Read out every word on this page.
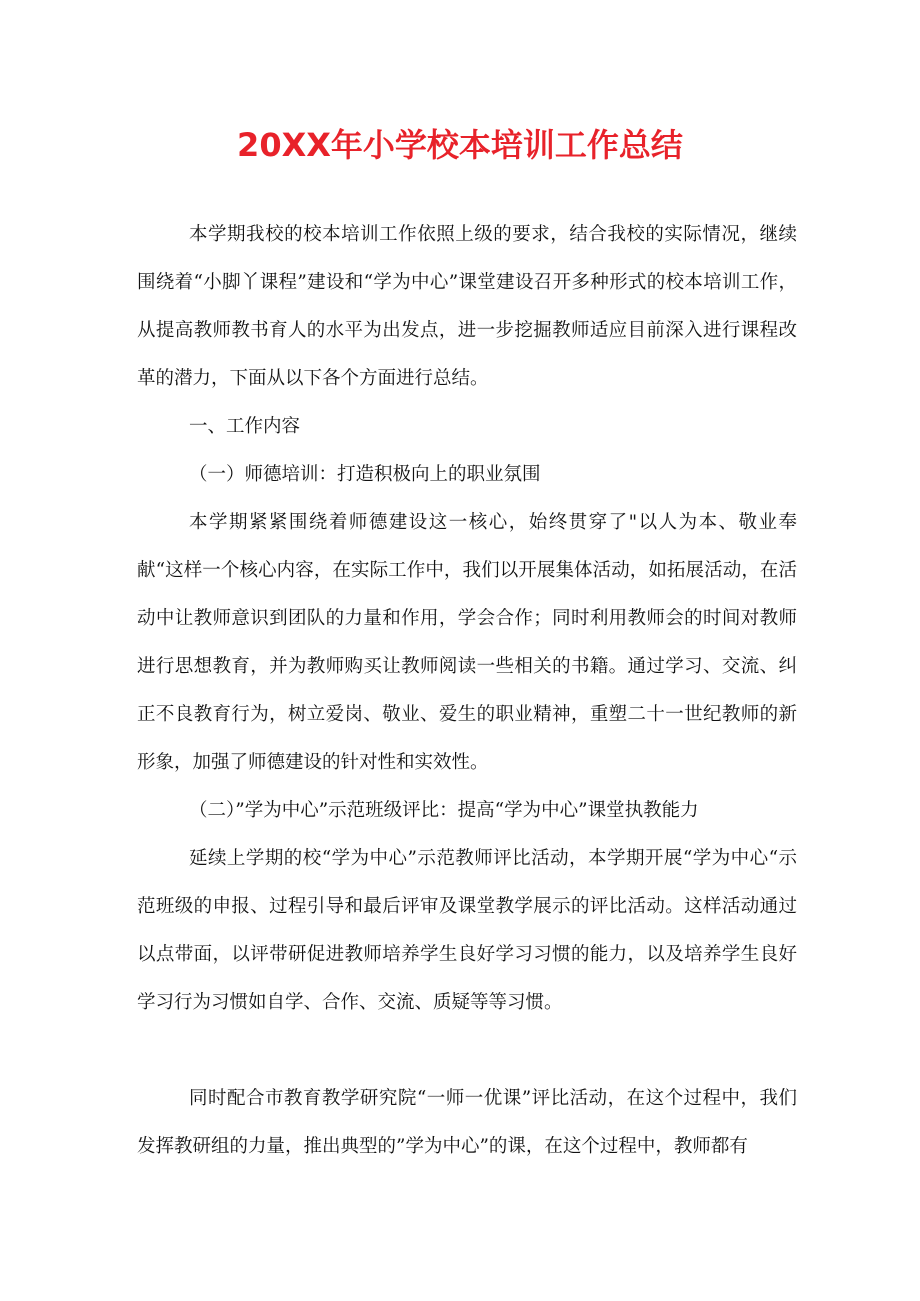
20XX年小学校本培训工作总结

本学期我校的校本培训工作依照上级的要求，结合我校的实际情况，继续围绕着“小脚丫课程”建设和“学为中心”课堂建设召开多种形式的校本培训工作，从提高教师教书育人的水平为出发点，进一步挖掘教师适应目前深入进行课程改革的潜力，下面从以下各个方面进行总结。

一、工作内容

（一）师德培训：打造积极向上的职业氛围

本学期紧紧围绕着师德建设这一核心，始终贯穿了"以人为本、敬业奉献“这样一个核心内容，在实际工作中，我们以开展集体活动，如拓展活动，在活动中让教师意识到团队的力量和作用，学会合作；同时利用教师会的时间对教师进行思想教育，并为教师购买让教师阅读一些相关的书籍。通过学习、交流、纠正不良教育行为，树立爱岗、敬业、爱生的职业精神，重塑二十一世纪教师的新形象，加强了师德建设的针对性和实效性。

（二）”学为中心”示范班级评比：提高“学为中心”课堂执教能力

延续上学期的校“学为中心”示范教师评比活动，本学期开展“学为中心“示范班级的申报、过程引导和最后评审及课堂教学展示的评比活动。这样活动通过以点带面，以评带研促进教师培养学生良好学习习惯的能力，以及培养学生良好学习行为习惯如自学、合作、交流、质疑等等习惯。

同时配合市教育教学研究院“一师一优课”评比活动，在这个过程中，我们发挥教研组的力量，推出典型的”学为中心”的课，在这个过程中，教师都有
